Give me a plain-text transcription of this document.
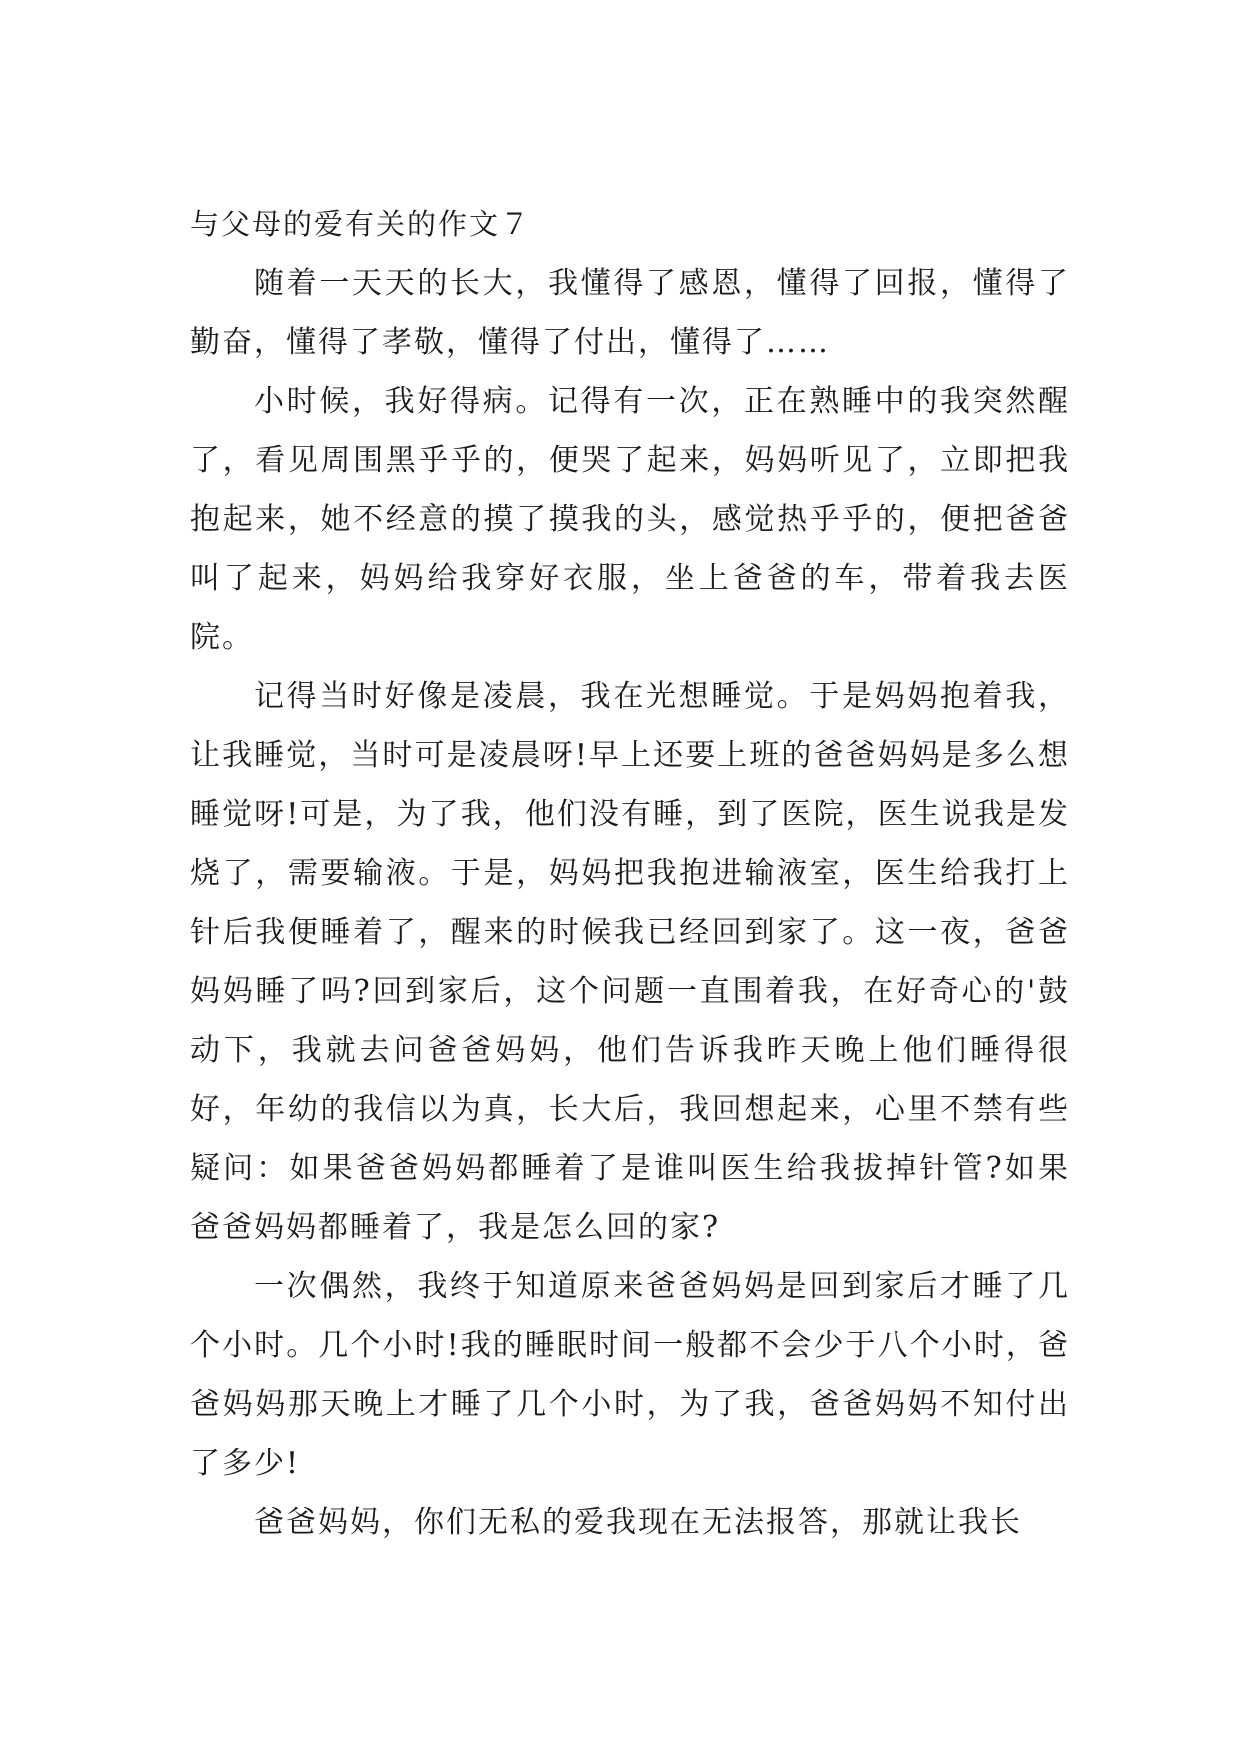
与父母的爱有关的作文７

随着一天天的长大，我懂得了感恩，懂得了回报，懂得了勤奋，懂得了孝敬，懂得了付出，懂得了……

小时候，我好得病。记得有一次，正在熟睡中的我突然醒了，看见周围黑乎乎的，便哭了起来，妈妈听见了，立即把我抱起来，她不经意的摸了摸我的头，感觉热乎乎的，便把爸爸叫了起来，妈妈给我穿好衣服，坐上爸爸的车，带着我去医院。

记得当时好像是凌晨，我在光想睡觉。于是妈妈抱着我，让我睡觉，当时可是凌晨呀!早上还要上班的爸爸妈妈是多么想睡觉呀!可是，为了我，他们没有睡，到了医院，医生说我是发烧了，需要输液。于是，妈妈把我抱进输液室，医生给我打上针后我便睡着了，醒来的时候我已经回到家了。这一夜，爸爸妈妈睡了吗?回到家后，这个问题一直围着我，在好奇心的'鼓动下，我就去问爸爸妈妈，他们告诉我昨天晚上他们睡得很好，年幼的我信以为真，长大后，我回想起来，心里不禁有些疑问：如果爸爸妈妈都睡着了是谁叫医生给我拔掉针管?如果爸爸妈妈都睡着了，我是怎么回的家?

一次偶然，我终于知道原来爸爸妈妈是回到家后才睡了几个小时。几个小时!我的睡眠时间一般都不会少于八个小时，爸爸妈妈那天晚上才睡了几个小时，为了我，爸爸妈妈不知付出了多少!

爸爸妈妈，你们无私的爱我现在无法报答，那就让我长
